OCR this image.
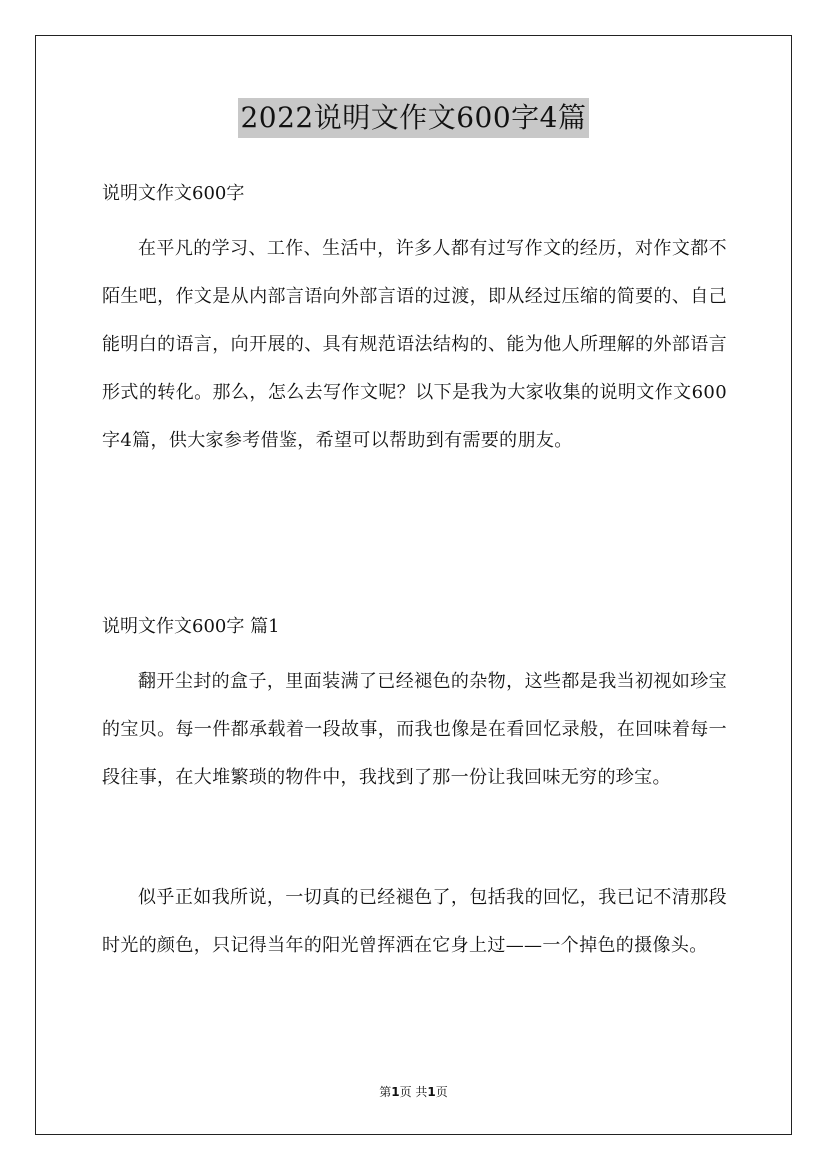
2022说明文作文600字4篇
说明文作文600字
在平凡的学习、工作、生活中，许多人都有过写作文的经历，对作文都不陌生吧，作文是从内部言语向外部言语的过渡，即从经过压缩的简要的、自己能明白的语言，向开展的、具有规范语法结构的、能为他人所理解的外部语言形式的转化。那么，怎么去写作文呢？以下是我为大家收集的说明文作文600字4篇，供大家参考借鉴，希望可以帮助到有需要的朋友。
说明文作文600字 篇1
翻开尘封的盒子，里面装满了已经褪色的杂物，这些都是我当初视如珍宝的宝贝。每一件都承载着一段故事，而我也像是在看回忆录般，在回味着每一段往事，在大堆繁琐的物件中，我找到了那一份让我回味无穷的珍宝。
似乎正如我所说，一切真的已经褪色了，包括我的回忆，我已记不清那段时光的颜色，只记得当年的阳光曾挥洒在它身上过——一个掉色的摄像头。
第1页 共1页
